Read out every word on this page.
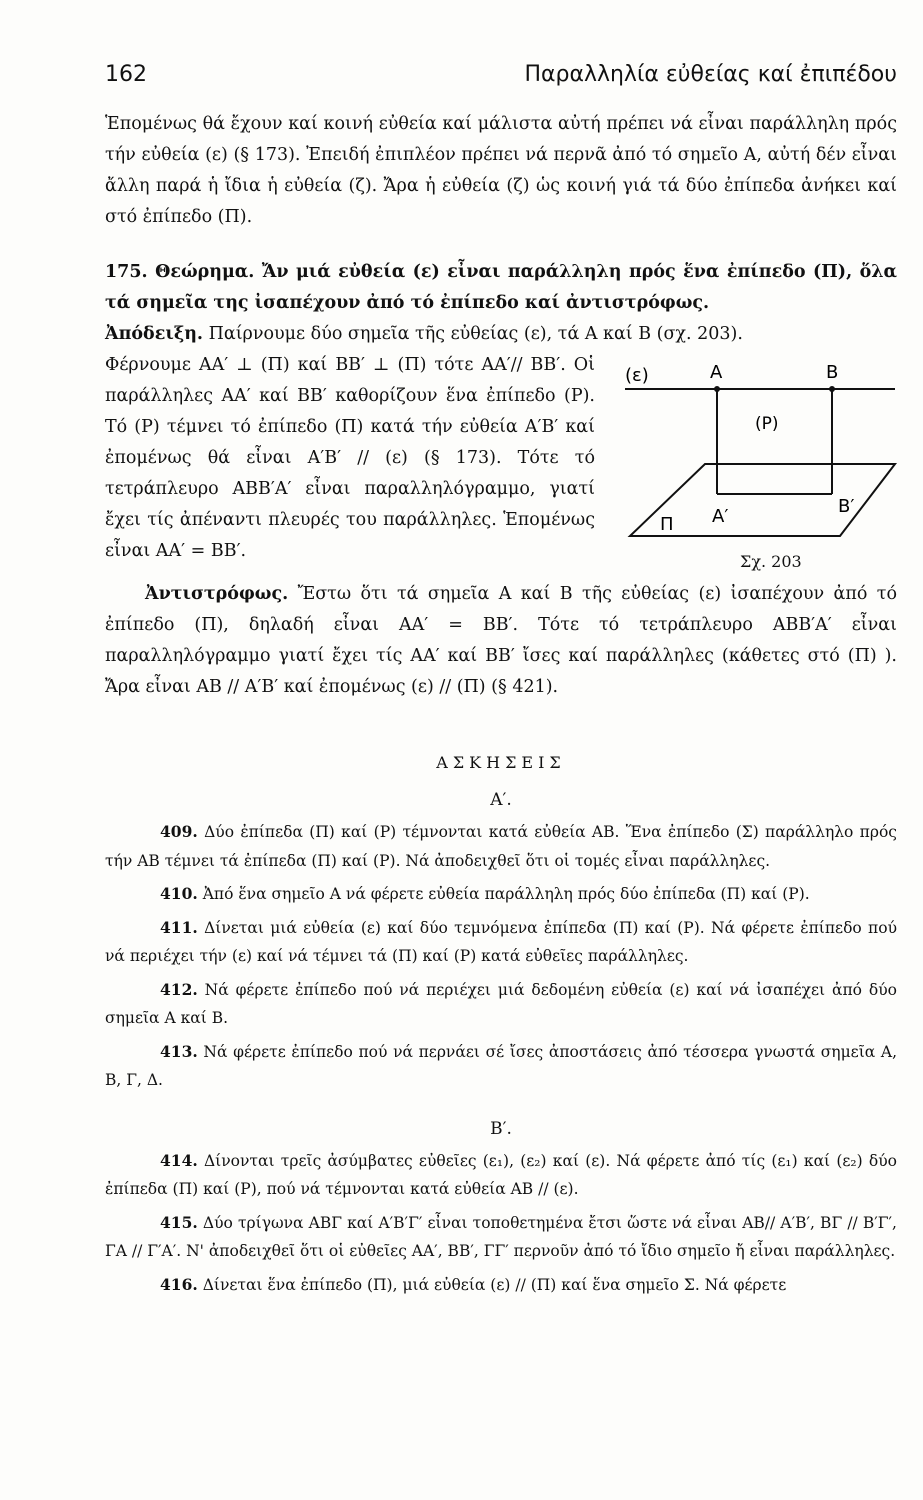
162	Παραλληλία εὐθείας καί ἐπιπέδου

Ἑπομένως θά ἔχουν καί κοινή εὐθεία καί μάλιστα αὐτή πρέπει νά εἶναι παράλληλη πρός τήν εὐθεία (ε) (§ 173). Ἐπειδή ἐπιπλέον πρέπει νά περνᾶ ἀπό τό σημεῖο Α, αὐτή δέν εἶναι ἄλλη παρά ἡ ἴδια ἡ εὐθεία (ζ). Ἄρα ἡ εὐθεία (ζ) ὡς κοινή γιά τά δύο ἐπίπεδα ἀνήκει καί στό ἐπίπεδο (Π).

175. Θεώρημα. Ἄν μιά εὐθεία (ε) εἶναι παράλληλη πρός ἕνα ἐπίπεδο (Π), ὅλα τά σημεῖα της ἰσαπέχουν ἀπό τό ἐπίπεδο καί ἀντιστρόφως.

Ἀπόδειξη. Παίρνουμε δύο σημεῖα τῆς εὐθείας (ε), τά Α καί Β (σχ. 203).

Φέρνουμε ΑΑ′ ⊥ (Π) καί ΒΒ′ ⊥ (Π) τότε ΑΑ′// ΒΒ′. Οἱ παράλληλες ΑΑ′ καί ΒΒ′ καθορίζουν ἕνα ἐπίπεδο (Ρ). Τό (Ρ) τέμνει τό ἐπίπεδο (Π) κατά τήν εὐθεία Α′Β′ καί ἐπομένως θά εἶναι Α′Β′ // (ε) (§ 173). Τότε τό τετράπλευρο ΑΒΒ′Α′ εἶναι παραλληλόγραμμο, γιατί ἔχει τίς ἀπέναντι πλευρές του παράλληλες. Ἑπομένως εἶναι ΑΑ′ = ΒΒ′.

(ε)	Α	Β
(Ρ)
Α′	Β′
Π
Σχ. 203

Ἀντιστρόφως. Ἔστω ὅτι τά σημεῖα Α καί Β τῆς εὐθείας (ε) ἰσαπέχουν ἀπό τό ἐπίπεδο (Π), δηλαδή εἶναι ΑΑ′ = ΒΒ′. Τότε τό τετράπλευρο ΑΒΒ′Α′ εἶναι παραλληλόγραμμο γιατί ἔχει τίς ΑΑ′ καί ΒΒ′ ἴσες καί παράλληλες (κάθετες στό (Π) ). Ἄρα εἶναι ΑΒ // Α′Β′ καί ἐπομένως (ε) // (Π) (§ 421).

ΑΣΚΗΣΕΙΣ
Α′.

409. Δύο ἐπίπεδα (Π) καί (Ρ) τέμνονται κατά εὐθεία ΑΒ. Ἕνα ἐπίπεδο (Σ) παράλληλο πρός τήν ΑΒ τέμνει τά ἐπίπεδα (Π) καί (Ρ). Νά ἀποδειχθεῖ ὅτι οἱ τομές εἶναι παράλληλες.

410. Ἀπό ἕνα σημεῖο Α νά φέρετε εὐθεία παράλληλη πρός δύο ἐπίπεδα (Π) καί (Ρ).

411. Δίνεται μιά εὐθεία (ε) καί δύο τεμνόμενα ἐπίπεδα (Π) καί (Ρ). Νά φέρετε ἐπίπεδο πού νά περιέχει τήν (ε) καί νά τέμνει τά (Π) καί (Ρ) κατά εὐθεῖες παράλληλες.

412. Νά φέρετε ἐπίπεδο πού νά περιέχει μιά δεδομένη εὐθεία (ε) καί νά ἰσαπέχει ἀπό δύο σημεῖα Α καί Β.

413. Νά φέρετε ἐπίπεδο πού νά περνάει σέ ἴσες ἀποστάσεις ἀπό τέσσερα γνωστά σημεῖα Α, Β, Γ, Δ.

Β′.

414. Δίνονται τρεῖς ἀσύμβατες εὐθεῖες (ε₁), (ε₂) καί (ε). Νά φέρετε ἀπό τίς (ε₁) καί (ε₂) δύο ἐπίπεδα (Π) καί (Ρ), πού νά τέμνονται κατά εὐθεία ΑΒ // (ε).

415. Δύο τρίγωνα ΑΒΓ καί Α′Β′Γ′ εἶναι τοποθετημένα ἔτσι ὥστε νά εἶναι ΑΒ// Α′Β′, ΒΓ // Β′Γ′, ΓΑ // Γ′Α′. Ν' ἀποδειχθεῖ ὅτι οἱ εὐθεῖες ΑΑ′, ΒΒ′, ΓΓ′ περνοῦν ἀπό τό ἴδιο σημεῖο ἤ εἶναι παράλληλες.

416. Δίνεται ἕνα ἐπίπεδο (Π), μιά εὐθεία (ε) // (Π) καί ἕνα σημεῖο Σ. Νά φέρετε
